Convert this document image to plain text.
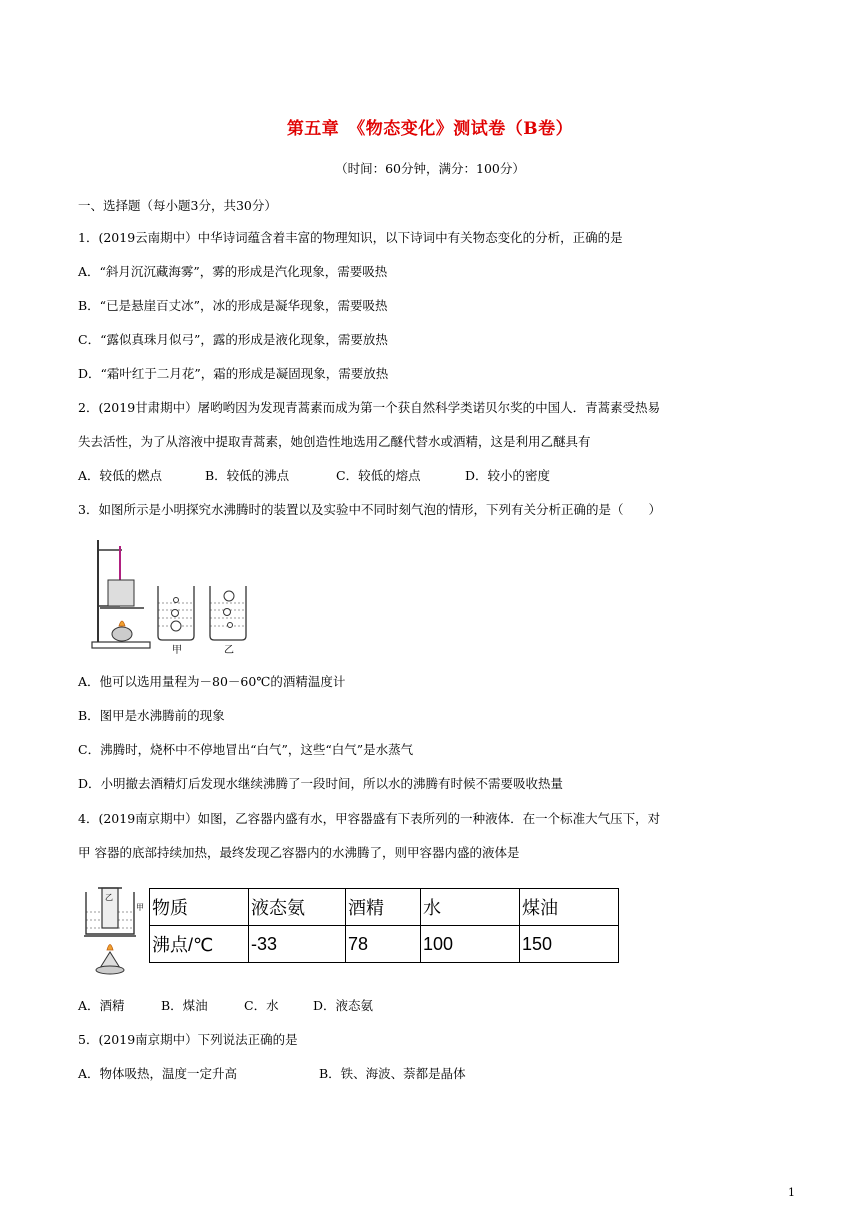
第五章　《物态变化》测试卷（B卷）
（时间：60分钟，满分：100分）
一、选择题（每小题3分，共30分）
1．(2019云南期中）中华诗词蕴含着丰富的物理知识，以下诗词中有关物态变化的分析，正确的是
A．“斜月沉沉藏海雾”，雾的形成是汽化现象，需要吸热
B．“已是悬崖百丈冰”，冰的形成是凝华现象，需要吸热
C．“露似真珠月似弓”，露的形成是液化现象，需要放热
D．“霜叶红于二月花”，霜的形成是凝固现象，需要放热
2．(2019甘肃期中）屠哟哟因为发现青蒿素而成为第一个获自然科学类诺贝尔奖的中国人．青蒿素受热易
失去活性，为了从溶液中提取青蒿素，她创造性地选用乙醚代替水或酒精，这是利用乙醚具有
A．较低的燃点	B．较低的沸点	C．较低的熔点	D．较小的密度
3．如图所示是小明探究水沸腾时的装置以及实验中不同时刻气泡的情形，下列有关分析正确的是（　　）
甲	乙
A．他可以选用量程为－80－60℃的酒精温度计
B．图甲是水沸腾前的现象
C．沸腾时，烧杯中不停地冒出“白气”，这些“白气”是水蒸气
D．小明撤去酒精灯后发现水继续沸腾了一段时间，所以水的沸腾有时候不需要吸收热量
4．(2019南京期中）如图，乙容器内盛有水，甲容器盛有下表所列的一种液体．在一个标准大气压下，对
甲 容器的底部持续加热，最终发现乙容器内的水沸腾了，则甲容器内盛的液体是
乙
甲 物质	液态氨	酒精	水	煤油
沸点/℃	-33	78	100	150
A．酒精	B．煤油	C．水	D．液态氨
5．(2019南京期中）下列说法正确的是
A．物体吸热，温度一定升高	B．铁、海波、萘都是晶体
1
